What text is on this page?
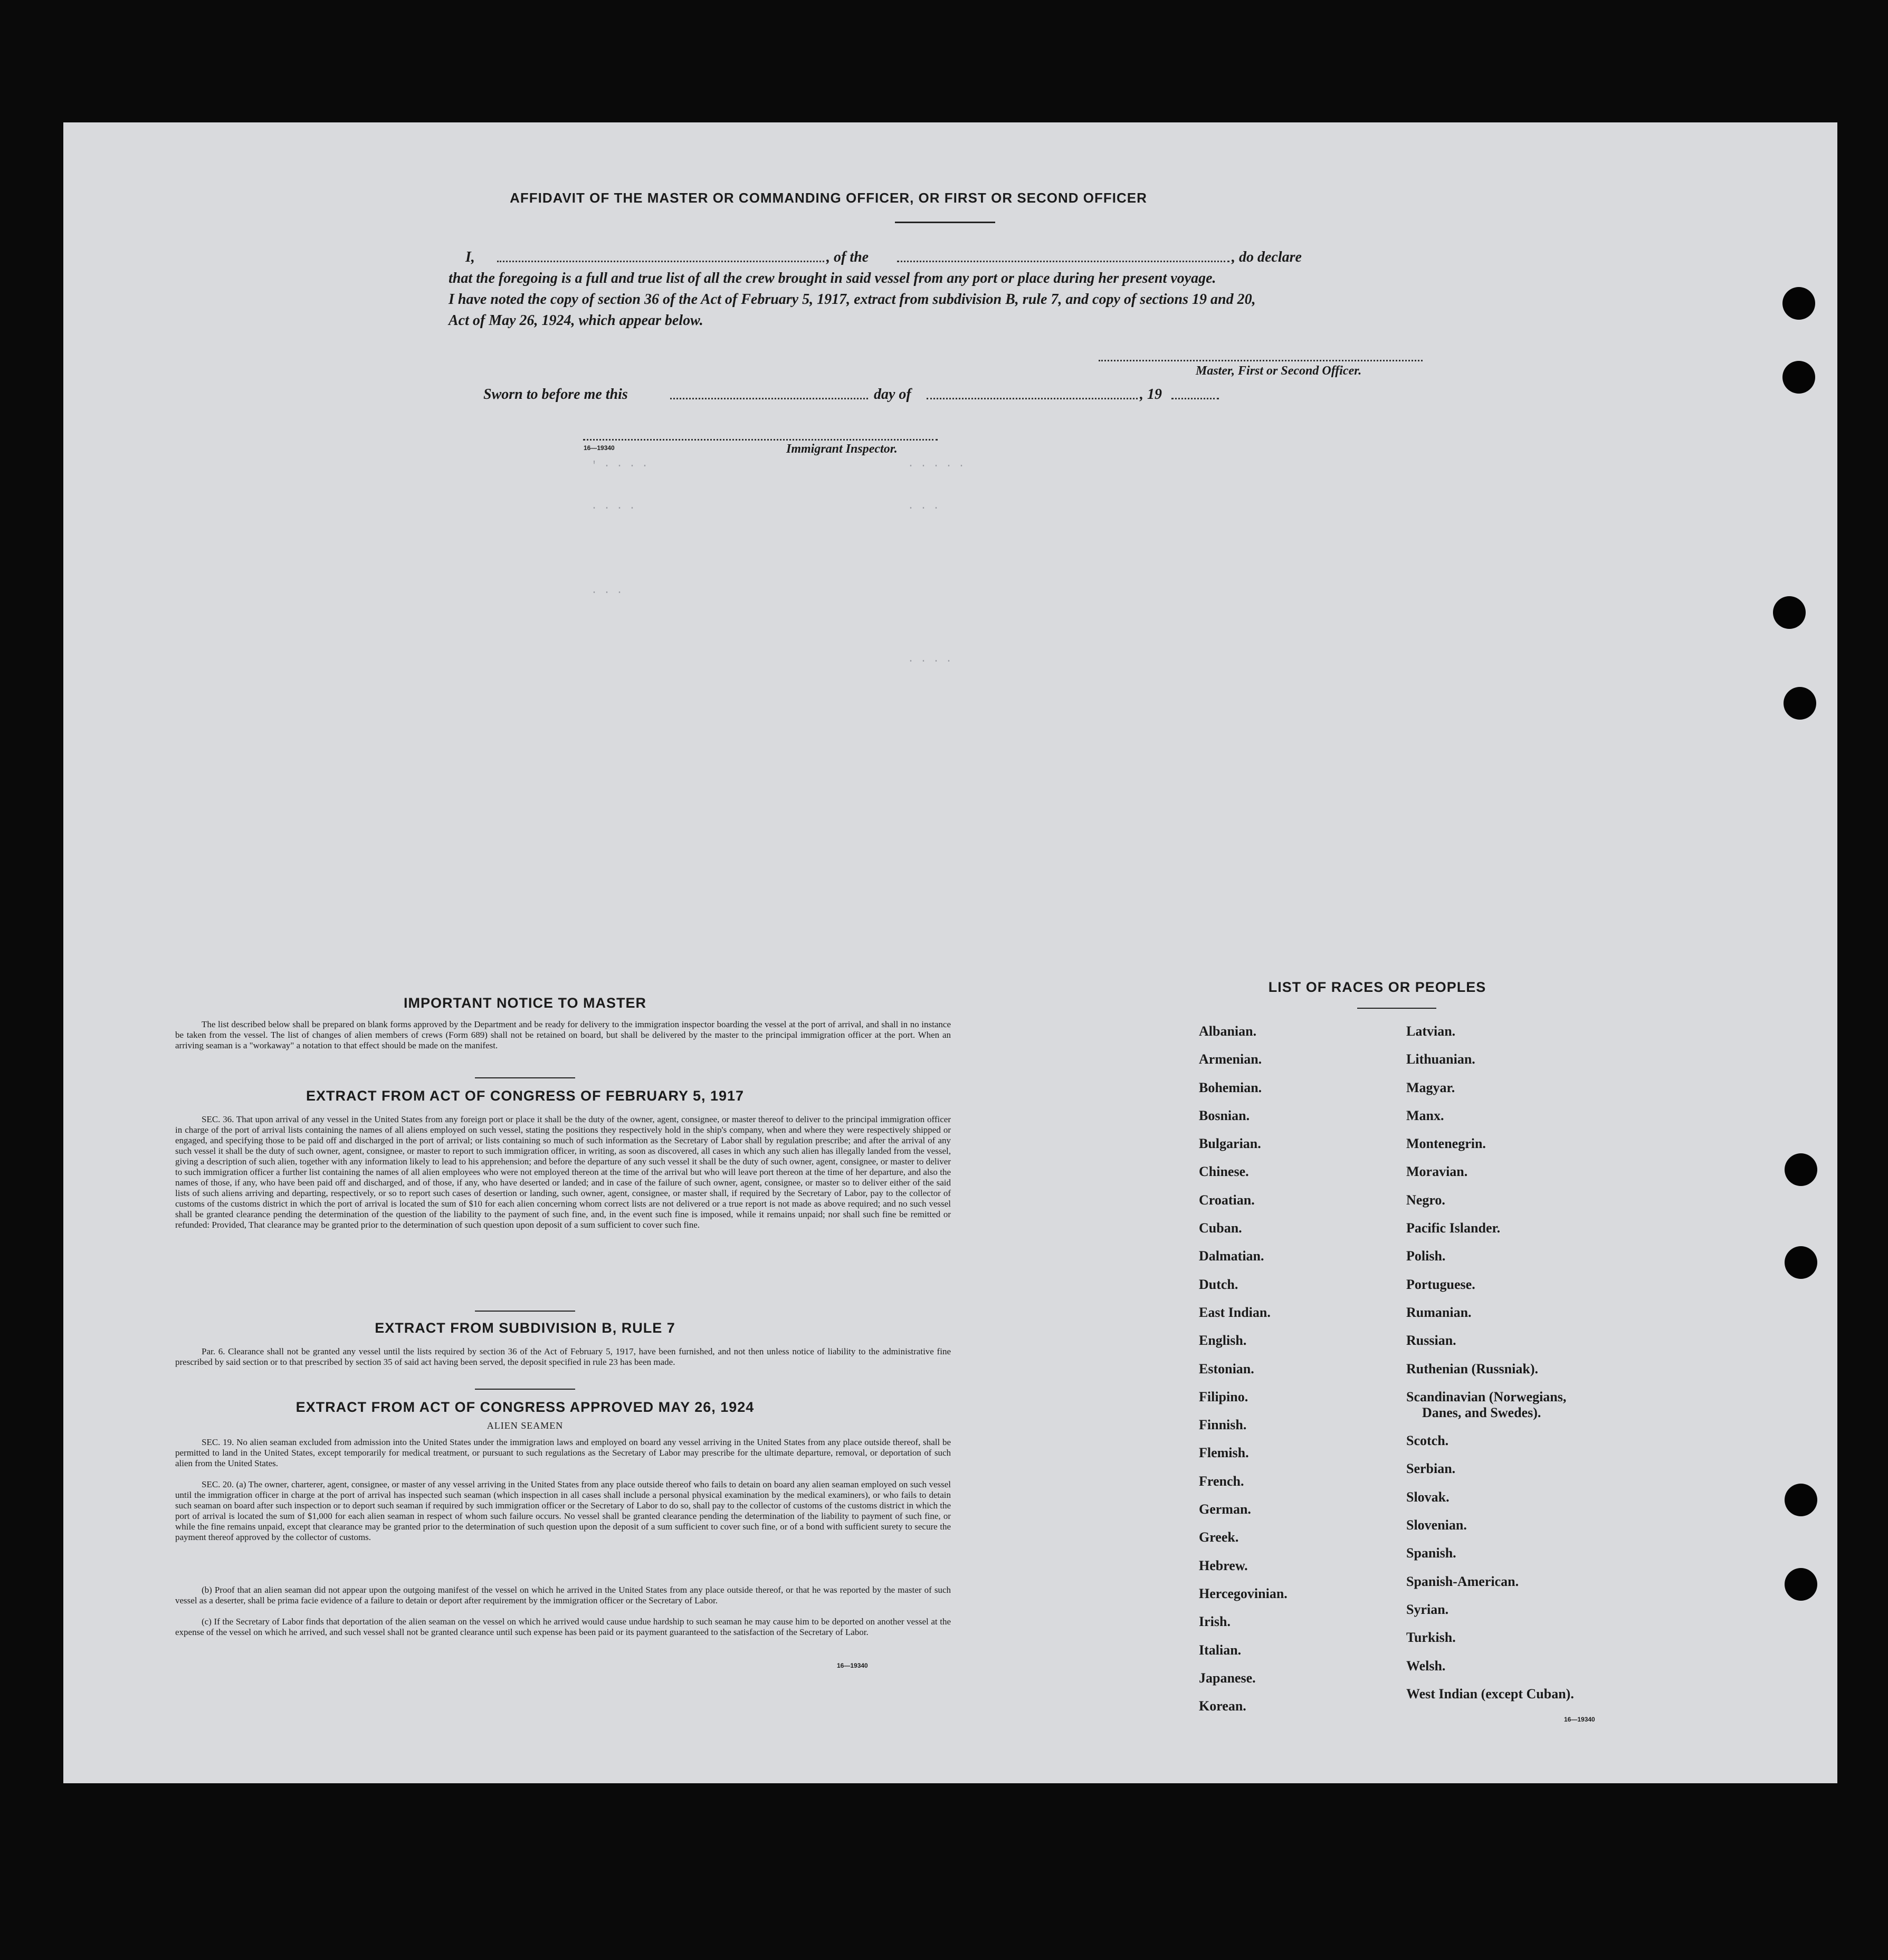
AFFIDAVIT OF THE MASTER OR COMMANDING OFFICER, OR FIRST OR SECOND OFFICER
I,	, of the	, do declare
that the foregoing is a full and true list of all the crew brought in said vessel from any port or place during her present voyage.
I have noted the copy of section 36 of the Act of February 5, 1917, extract from subdivision B, rule 7, and copy of sections 19 and 20,
Act of May 26, 1924, which appear below.
Master, First or Second Officer.
Sworn to before me this	day of	, 19
16—19340	Immigrant Inspector.
' · · · ·	· · · · ·
· · · ·	· · ·
· · ·
· · · ·
IMPORTANT NOTICE TO MASTER
The list described below shall be prepared on blank forms approved by the Department and be ready for delivery to the immigration inspector boarding the vessel at the port of arrival, and shall in no instance be taken from the vessel. The list of changes of alien members of crews (Form 689) shall not be retained on board, but shall be delivered by the master to the principal immigration officer at the port. When an arriving seaman is a "workaway" a notation to that effect should be made on the manifest.
EXTRACT FROM ACT OF CONGRESS OF FEBRUARY 5, 1917
SEC. 36. That upon arrival of any vessel in the United States from any foreign port or place it shall be the duty of the owner, agent, consignee, or master thereof to deliver to the principal immigration officer in charge of the port of arrival lists containing the names of all aliens employed on such vessel, stating the positions they respectively hold in the ship's company, when and where they were respectively shipped or engaged, and specifying those to be paid off and discharged in the port of arrival; or lists containing so much of such information as the Secretary of Labor shall by regulation prescribe; and after the arrival of any such vessel it shall be the duty of such owner, agent, consignee, or master to report to such immigration officer, in writing, as soon as discovered, all cases in which any such alien has illegally landed from the vessel, giving a description of such alien, together with any information likely to lead to his apprehension; and before the departure of any such vessel it shall be the duty of such owner, agent, consignee, or master to deliver to such immigration officer a further list containing the names of all alien employees who were not employed thereon at the time of the arrival but who will leave port thereon at the time of her departure, and also the names of those, if any, who have been paid off and discharged, and of those, if any, who have deserted or landed; and in case of the failure of such owner, agent, consignee, or master so to deliver either of the said lists of such aliens arriving and departing, respectively, or so to report such cases of desertion or landing, such owner, agent, consignee, or master shall, if required by the Secretary of Labor, pay to the collector of customs of the customs district in which the port of arrival is located the sum of $10 for each alien concerning whom correct lists are not delivered or a true report is not made as above required; and no such vessel shall be granted clearance pending the determination of the question of the liability to the payment of such fine, and, in the event such fine is imposed, while it remains unpaid; nor shall such fine be remitted or refunded: Provided, That clearance may be granted prior to the determination of such question upon deposit of a sum sufficient to cover such fine.
EXTRACT FROM SUBDIVISION B, RULE 7
Par. 6. Clearance shall not be granted any vessel until the lists required by section 36 of the Act of February 5, 1917, have been furnished, and not then unless notice of liability to the administrative fine prescribed by said section or to that prescribed by section 35 of said act having been served, the deposit specified in rule 23 has been made.
EXTRACT FROM ACT OF CONGRESS APPROVED MAY 26, 1924
ALIEN SEAMEN
SEC. 19. No alien seaman excluded from admission into the United States under the immigration laws and employed on board any vessel arriving in the United States from any place outside thereof, shall be permitted to land in the United States, except temporarily for medical treatment, or pursuant to such regulations as the Secretary of Labor may prescribe for the ultimate departure, removal, or deportation of such alien from the United States.
SEC. 20. (a) The owner, charterer, agent, consignee, or master of any vessel arriving in the United States from any place outside thereof who fails to detain on board any alien seaman employed on such vessel until the immigration officer in charge at the port of arrival has inspected such seaman (which inspection in all cases shall include a personal physical examination by the medical examiners), or who fails to detain such seaman on board after such inspection or to deport such seaman if required by such immigration officer or the Secretary of Labor to do so, shall pay to the collector of customs of the customs district in which the port of arrival is located the sum of $1,000 for each alien seaman in respect of whom such failure occurs. No vessel shall be granted clearance pending the determination of the liability to payment of such fine, or while the fine remains unpaid, except that clearance may be granted prior to the determination of such question upon the deposit of a sum sufficient to cover such fine, or of a bond with sufficient surety to secure the payment thereof approved by the collector of customs.
(b) Proof that an alien seaman did not appear upon the outgoing manifest of the vessel on which he arrived in the United States from any place outside thereof, or that he was reported by the master of such vessel as a deserter, shall be prima facie evidence of a failure to detain or deport after requirement by the immigration officer or the Secretary of Labor.
(c) If the Secretary of Labor finds that deportation of the alien seaman on the vessel on which he arrived would cause undue hardship to such seaman he may cause him to be deported on another vessel at the expense of the vessel on which he arrived, and such vessel shall not be granted clearance until such expense has been paid or its payment guaranteed to the satisfaction of the Secretary of Labor.
16—19340
LIST OF RACES OR PEOPLES
Albanian.
Armenian.
Bohemian.
Bosnian.
Bulgarian.
Chinese.
Croatian.
Cuban.
Dalmatian.
Dutch.
East Indian.
English.
Estonian.
Filipino.
Finnish.
Flemish.
French.
German.
Greek.
Hebrew.
Hercegovinian.
Irish.
Italian.
Japanese.
Korean.
Latvian.
Lithuanian.
Magyar.
Manx.
Montenegrin.
Moravian.
Negro.
Pacific Islander.
Polish.
Portuguese.
Rumanian.
Russian.
Ruthenian (Russniak).
Scandinavian (Norwegians,
Danes, and Swedes).
Scotch.
Serbian.
Slovak.
Slovenian.
Spanish.
Spanish-American.
Syrian.
Turkish.
Welsh.
West Indian (except Cuban).
16—19340
